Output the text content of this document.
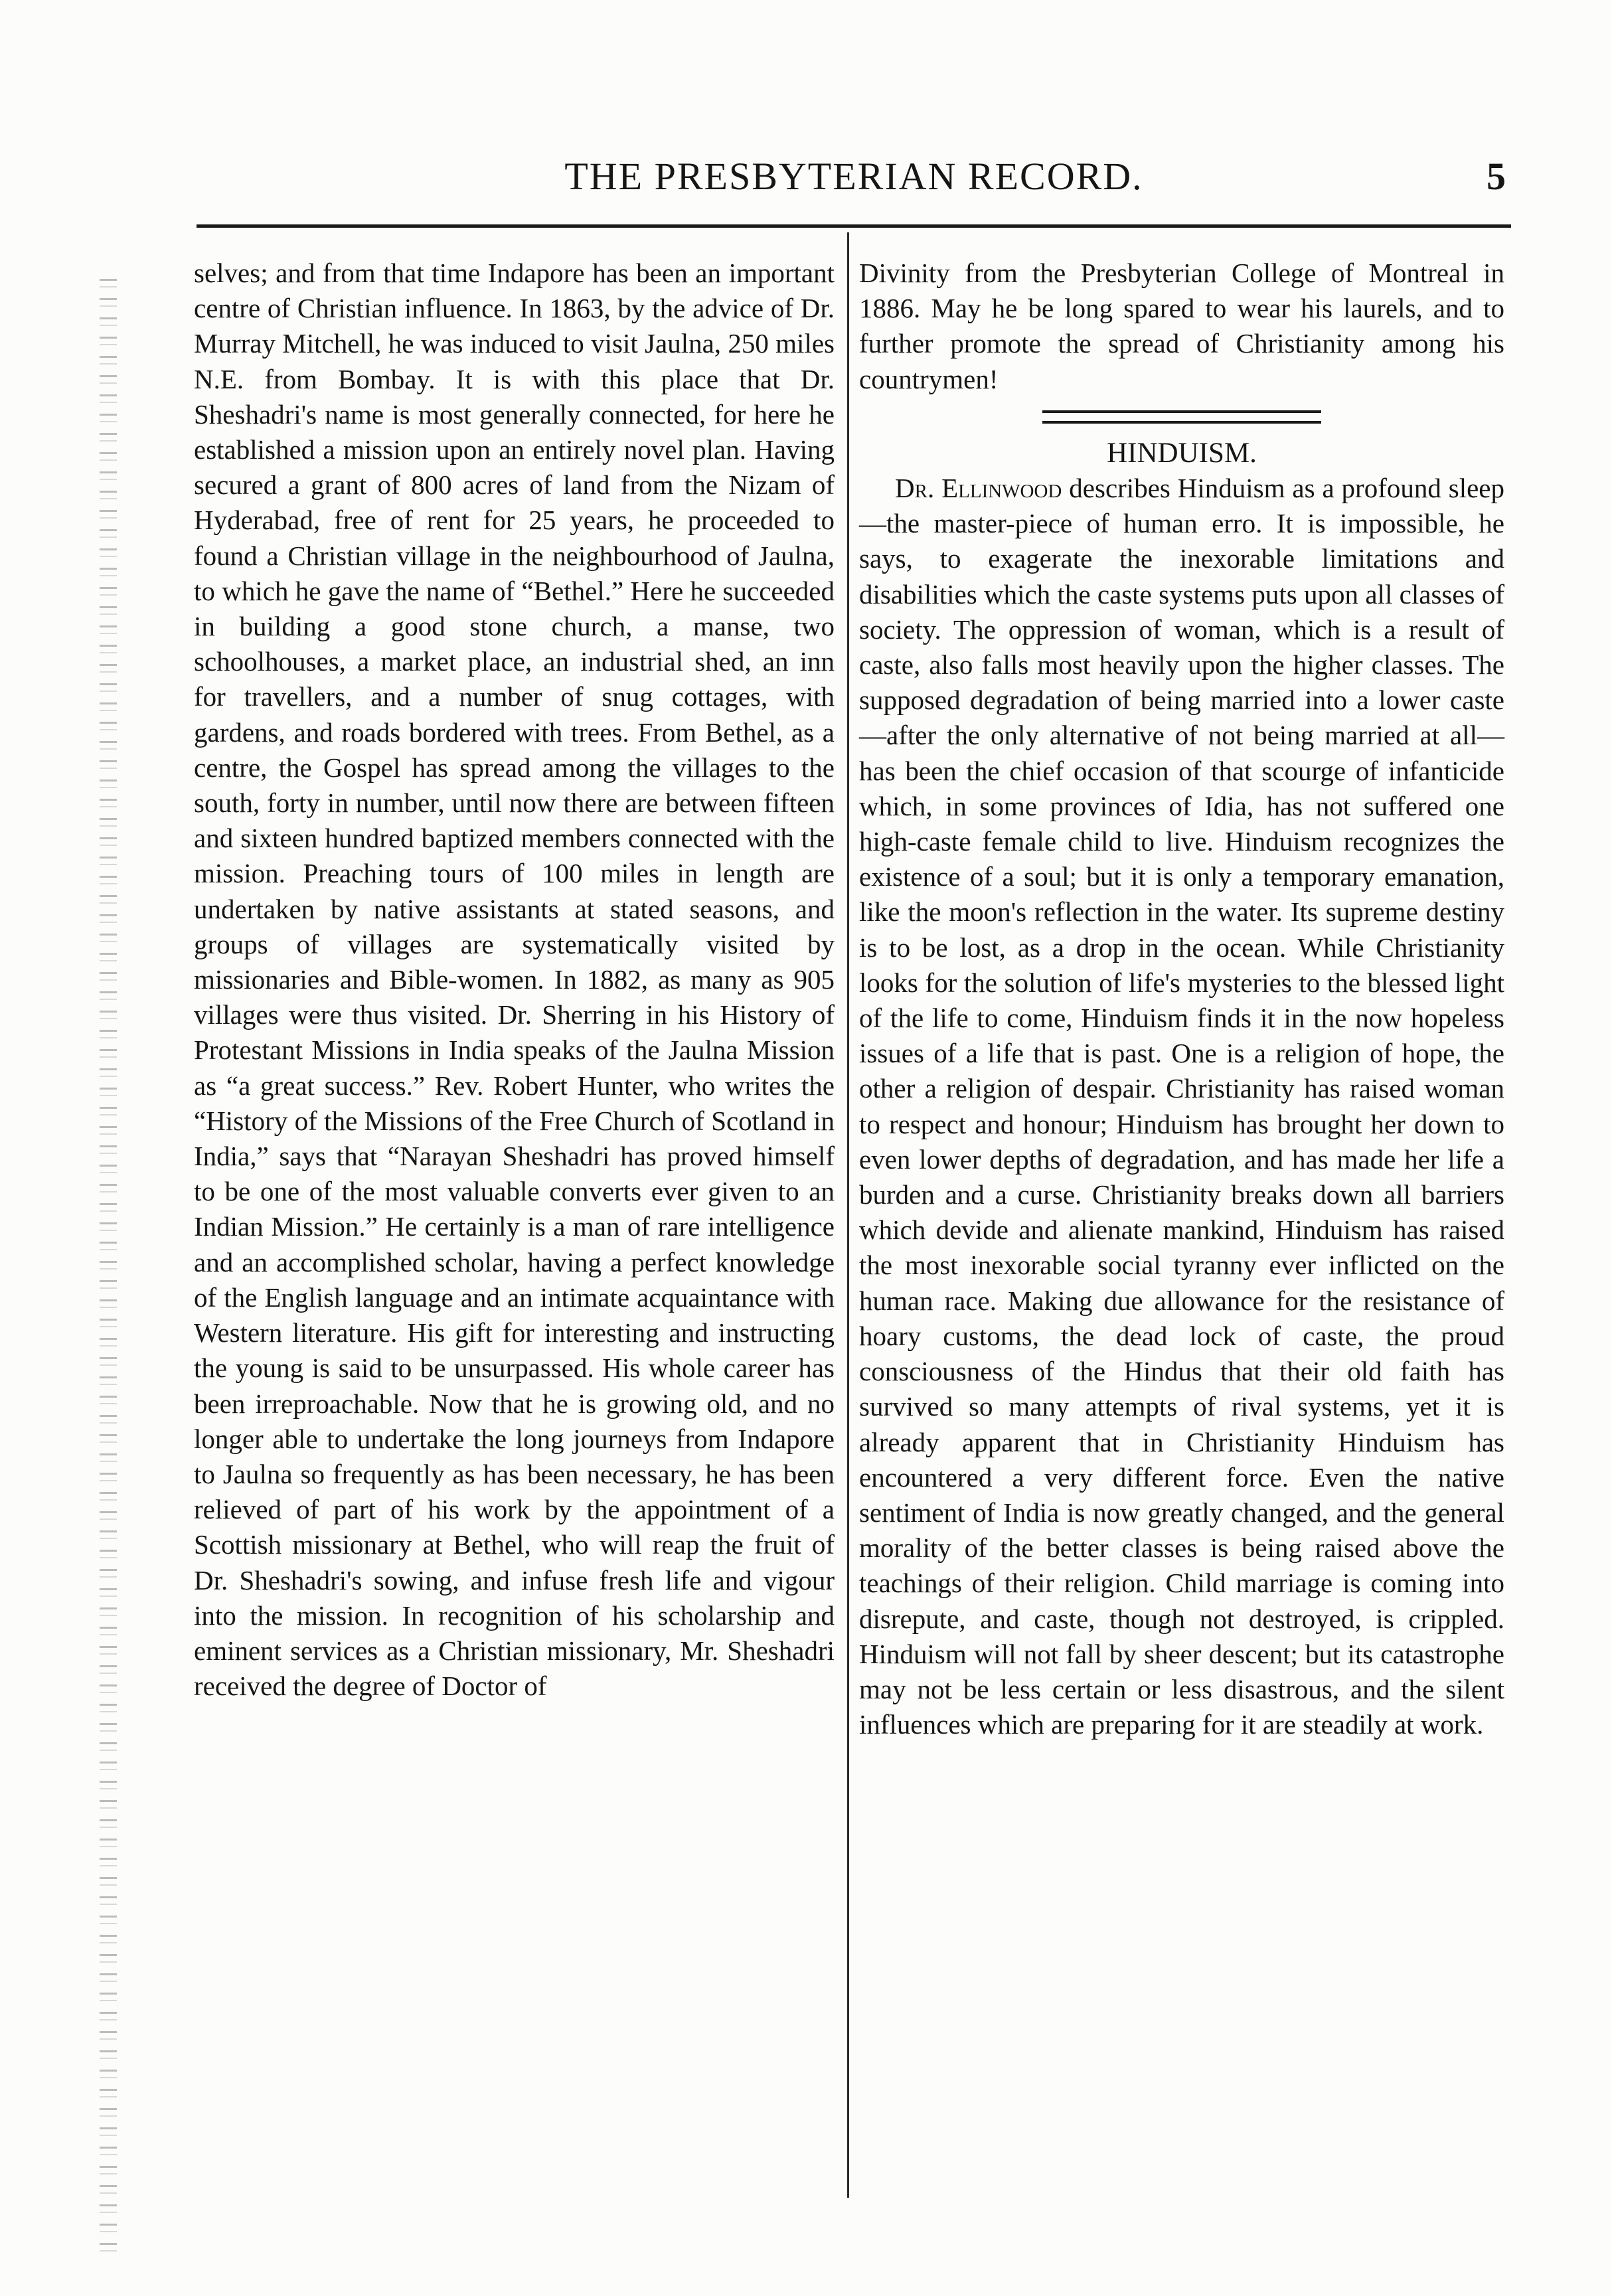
THE PRESBYTERIAN RECORD.	5

selves; and from that time Indapore has been an important centre of Christian influence. In 1863, by the advice of Dr. Murray Mitchell, he was induced to visit Jaulna, 250 miles N.E. from Bombay. It is with this place that Dr. Sheshadri's name is most generally connected, for here he established a mission upon an entirely novel plan. Having secured a grant of 800 acres of land from the Nizam of Hyderabad, free of rent for 25 years, he proceeded to found a Christian village in the neighbourhood of Jaulna, to which he gave the name of “Bethel.” Here he succeeded in building a good stone church, a manse, two schoolhouses, a market place, an industrial shed, an inn for travellers, and a number of snug cottages, with gardens, and roads bordered with trees. From Bethel, as a centre, the Gospel has spread among the villages to the south, forty in number, until now there are between fifteen and sixteen hundred baptized members connected with the mission. Preaching tours of 100 miles in length are undertaken by native assistants at stated seasons, and groups of villages are systematically visited by missionaries and Bible-women. In 1882, as many as 905 villages were thus visited. Dr. Sherring in his History of Protestant Missions in India speaks of the Jaulna Mission as “a great success.” Rev. Robert Hunter, who writes the “History of the Missions of the Free Church of Scotland in India,” says that “Narayan Sheshadri has proved himself to be one of the most valuable converts ever given to an Indian Mission.” He certainly is a man of rare intelligence and an accomplished scholar, having a perfect knowledge of the English language and an intimate acquaintance with Western literature. His gift for interesting and instructing the young is said to be unsurpassed. His whole career has been irreproachable. Now that he is growing old, and no longer able to undertake the long journeys from Indapore to Jaulna so frequently as has been necessary, he has been relieved of part of his work by the appointment of a Scottish missionary at Bethel, who will reap the fruit of Dr. Sheshadri's sowing, and infuse fresh life and vigour into the mission. In recognition of his scholarship and eminent services as a Christian missionary, Mr. Sheshadri received the degree of Doctor of

Divinity from the Presbyterian College of Montreal in 1886. May he be long spared to wear his laurels, and to further promote the spread of Christianity among his countrymen!

HINDUISM.

Dr. Ellinwood describes Hinduism as a profound sleep—the master-piece of human erro. It is impossible, he says, to exagerate the inexorable limitations and disabilities which the caste systems puts upon all classes of society. The oppression of woman, which is a result of caste, also falls most heavily upon the higher classes. The supposed degradation of being married into a lower caste—after the only alternative of not being married at all—has been the chief occasion of that scourge of infanticide which, in some provinces of Idia, has not suffered one high-caste female child to live. Hinduism recognizes the existence of a soul; but it is only a temporary emanation, like the moon's reflection in the water. Its supreme destiny is to be lost, as a drop in the ocean. While Christianity looks for the solution of life's mysteries to the blessed light of the life to come, Hinduism finds it in the now hopeless issues of a life that is past. One is a religion of hope, the other a religion of despair. Christianity has raised woman to respect and honour; Hinduism has brought her down to even lower depths of degradation, and has made her life a burden and a curse. Christianity breaks down all barriers which devide and alienate mankind, Hinduism has raised the most inexorable social tyranny ever inflicted on the human race. Making due allowance for the resistance of hoary customs, the dead lock of caste, the proud consciousness of the Hindus that their old faith has survived so many attempts of rival systems, yet it is already apparent that in Christianity Hinduism has encountered a very different force. Even the native sentiment of India is now greatly changed, and the general morality of the better classes is being raised above the teachings of their religion. Child marriage is coming into disrepute, and caste, though not destroyed, is crippled. Hinduism will not fall by sheer descent; but its catastrophe may not be less certain or less disastrous, and the silent influences which are preparing for it are steadily at work.
